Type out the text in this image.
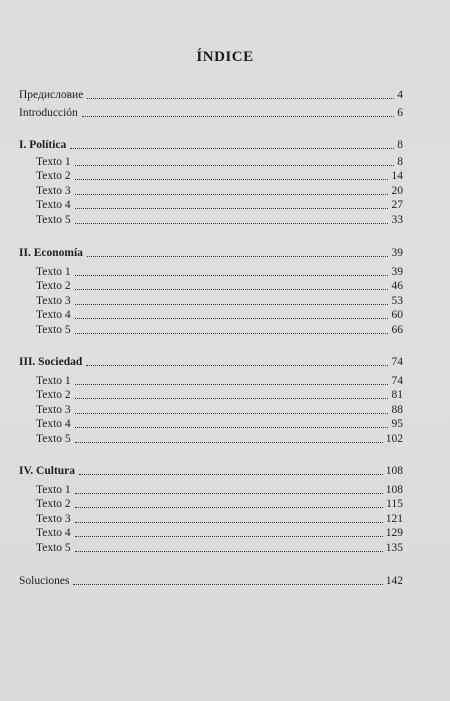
ÍNDICE
Предисловие	4
Introducción	6
I. Política	8
Texto 1	8
Texto 2	14
Texto 3	20
Texto 4	27
Texto 5	33
II. Economía	39
Texto 1	39
Texto 2	46
Texto 3	53
Texto 4	60
Texto 5	66
III. Sociedad	74
Texto 1	74
Texto 2	81
Texto 3	88
Texto 4	95
Texto 5	102
IV. Cultura	108
Texto 1	108
Texto 2	115
Texto 3	121
Texto 4	129
Texto 5	135
Soluciones	142
